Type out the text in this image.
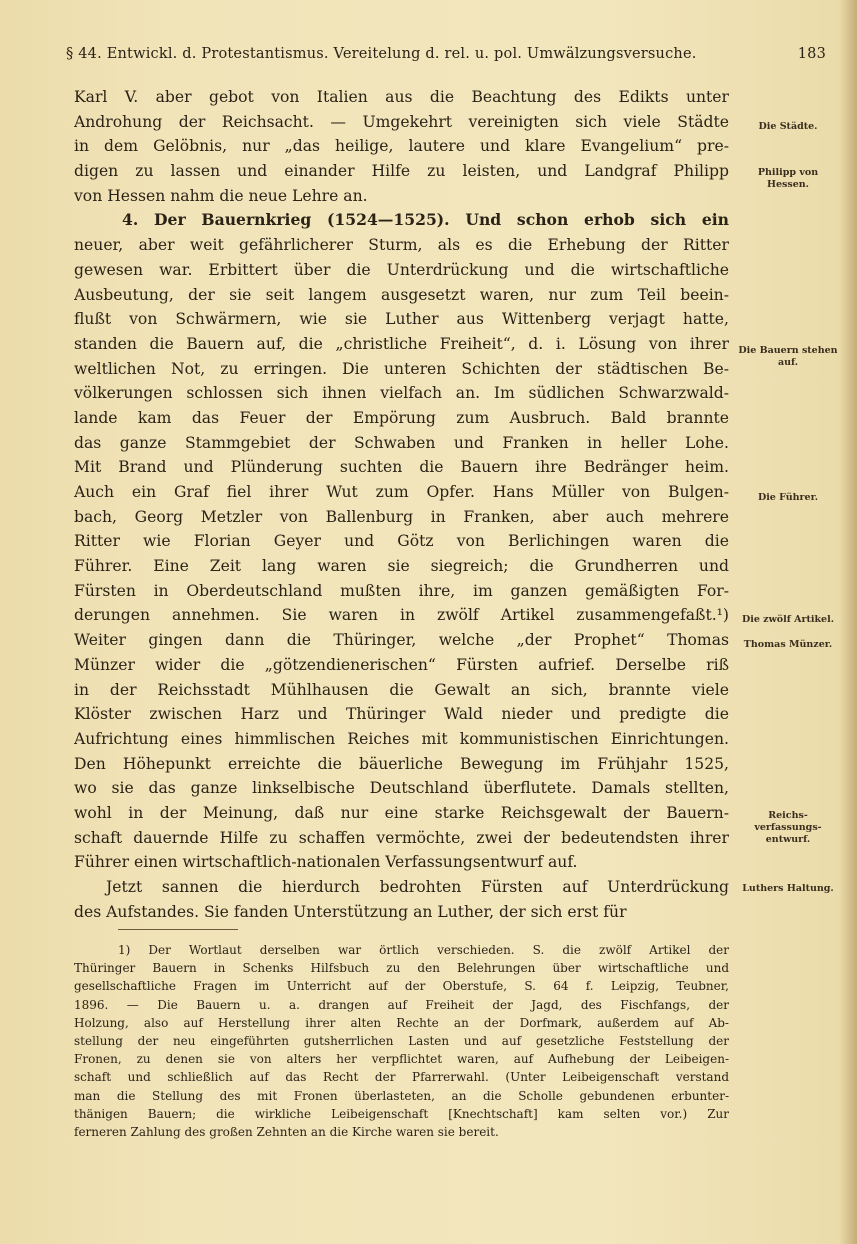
§ 44. Entwickl. d. Protestantismus. Vereitelung d. rel. u. pol. Umwälzungsversuche.	183
Karl V. aber gebot von Italien aus die Beachtung des Edikts unter
Androhung der Reichsacht. — Umgekehrt vereinigten sich viele Städte
in dem Gelöbnis, nur „das heilige, lautere und klare Evangelium“ pre-
digen zu lassen und einander Hilfe zu leisten, und Landgraf Philipp
von Hessen nahm die neue Lehre an.
4. Der Bauernkrieg (1524—1525). Und schon erhob sich ein
neuer, aber weit gefährlicherer Sturm, als es die Erhebung der Ritter
gewesen war. Erbittert über die Unterdrückung und die wirtschaftliche
Ausbeutung, der sie seit langem ausgesetzt waren, nur zum Teil beein-
flußt von Schwärmern, wie sie Luther aus Wittenberg verjagt hatte,
standen die Bauern auf, die „christliche Freiheit“, d. i. Lösung von ihrer
weltlichen Not, zu erringen. Die unteren Schichten der städtischen Be-
völkerungen schlossen sich ihnen vielfach an. Im südlichen Schwarzwald-
lande kam das Feuer der Empörung zum Ausbruch. Bald brannte
das ganze Stammgebiet der Schwaben und Franken in heller Lohe.
Mit Brand und Plünderung suchten die Bauern ihre Bedränger heim.
Auch ein Graf fiel ihrer Wut zum Opfer. Hans Müller von Bulgen-
bach, Georg Metzler von Ballenburg in Franken, aber auch mehrere
Ritter wie Florian Geyer und Götz von Berlichingen waren die
Führer. Eine Zeit lang waren sie siegreich; die Grundherren und
Fürsten in Oberdeutschland mußten ihre, im ganzen gemäßigten For-
derungen annehmen. Sie waren in zwölf Artikel zusammengefaßt.¹)
Weiter gingen dann die Thüringer, welche „der Prophet“ Thomas
Münzer wider die „götzendienerischen“ Fürsten aufrief. Derselbe riß
in der Reichsstadt Mühlhausen die Gewalt an sich, brannte viele
Klöster zwischen Harz und Thüringer Wald nieder und predigte die
Aufrichtung eines himmlischen Reiches mit kommunistischen Einrichtungen.
Den Höhepunkt erreichte die bäuerliche Bewegung im Frühjahr 1525,
wo sie das ganze linkselbische Deutschland überflutete. Damals stellten,
wohl in der Meinung, daß nur eine starke Reichsgewalt der Bauern-
schaft dauernde Hilfe zu schaffen vermöchte, zwei der bedeutendsten ihrer
Führer einen wirtschaftlich-nationalen Verfassungsentwurf auf.
Jetzt sannen die hierdurch bedrohten Fürsten auf Unterdrückung
des Aufstandes. Sie fanden Unterstützung an Luther, der sich erst für
Die Städte.
Philipp von Hessen.
Die Bauern stehen auf.
Die Führer.
Die zwölf Artikel.
Thomas Münzer.
Reichs-verfassungs-entwurf.
Luthers Haltung.
1) Der Wortlaut derselben war örtlich verschieden. S. die zwölf Artikel der
Thüringer Bauern in Schenks Hilfsbuch zu den Belehrungen über wirtschaftliche und
gesellschaftliche Fragen im Unterricht auf der Oberstufe, S. 64 f. Leipzig, Teubner,
1896. — Die Bauern u. a. drangen auf Freiheit der Jagd, des Fischfangs, der
Holzung, also auf Herstellung ihrer alten Rechte an der Dorfmark, außerdem auf Ab-
stellung der neu eingeführten gutsherrlichen Lasten und auf gesetzliche Feststellung der
Fronen, zu denen sie von alters her verpflichtet waren, auf Aufhebung der Leibeigen-
schaft und schließlich auf das Recht der Pfarrerwahl. (Unter Leibeigenschaft verstand
man die Stellung des mit Fronen überlasteten, an die Scholle gebundenen erbunter-
thänigen Bauern; die wirkliche Leibeigenschaft [Knechtschaft] kam selten vor.) Zur
ferneren Zahlung des großen Zehnten an die Kirche waren sie bereit.
